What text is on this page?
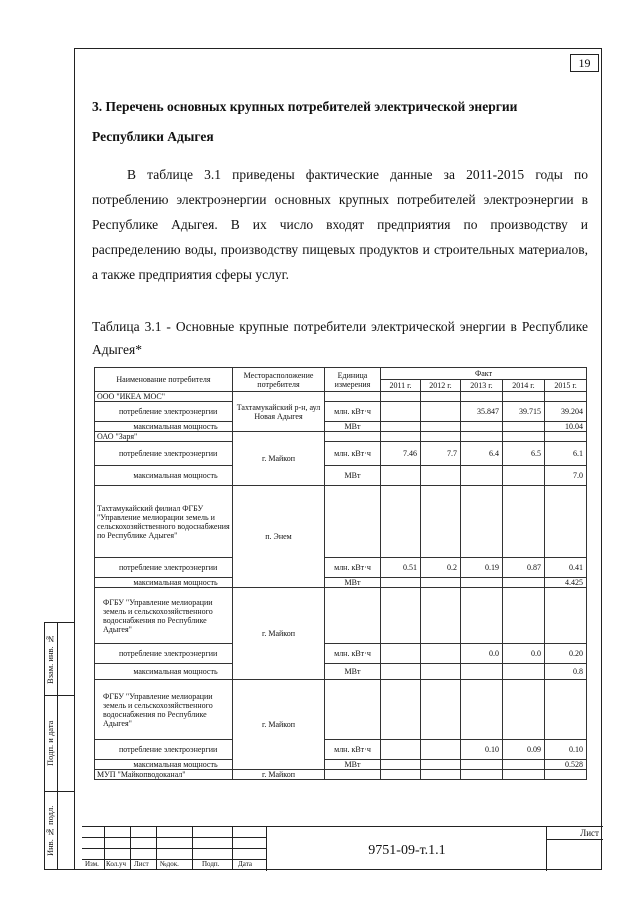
19
3. Перечень основных крупных потребителей электрической энергии
Республики Адыгея
В таблице 3.1 приведены фактические данные за 2011-2015 годы по потреблению электроэнергии основных крупных потребителей электроэнергии в Республике Адыгея. В их число входят предприятия по производству и распределению воды, производству пищевых продуктов и строительных материалов, а также предприятия сферы услуг.
Таблица 3.1 - Основные крупные потребители электрической энергии в Республике Адыгея*
Наименование потребителя	Месторасположение потребителя	Единица измерения	Факт				
			2011 г.	2012 г.	2013 г.	2014 г.	2015 г.
ООО "ИКЕА МОС"	Тахтамукайский р-н, аул Новая Адыгея						
потребление электроэнергии		млн. кВт·ч			35.847	39.715	39.204
максимальная мощность		МВт					10.04
ОАО "Заря"	г. Майкоп						
потребление электроэнергии		млн. кВт·ч	7.46	7.7	6.4	6.5	6.1
максимальная мощность		МВт					7.0
Тахтамукайский филиал ФГБУ "Управление мелиорации земель и сельскохозяйственного водоснабжения по Республике Адыгея"	п. Энем						
потребление электроэнергии		млн. кВт·ч	0.51	0.2	0.19	0.87	0.41
максимальная мощность		МВт					4.425
ФГБУ "Управление мелиорации земель и сельскохозяйственного водоснабжения по Республике Адыгея"	г. Майкоп						
потребление электроэнергии		млн. кВт·ч			0.0	0.0	0.20
максимальная мощность		МВт					0.8
ФГБУ "Управление мелиорации земель и сельскохозяйственного водоснабжения по Республике Адыгея"	г. Майкоп						
потребление электроэнергии		млн. кВт·ч			0.10	0.09	0.10
максимальная мощность		МВт					0.528
МУП "Майкопводоканал"	г. Майкоп						
Взам. инв. №
Подп. и дата
Инв. № подл.
Изм. Кол.уч Лист №док.	Подп.	Дата
9751-09-т.1.1
Лист
